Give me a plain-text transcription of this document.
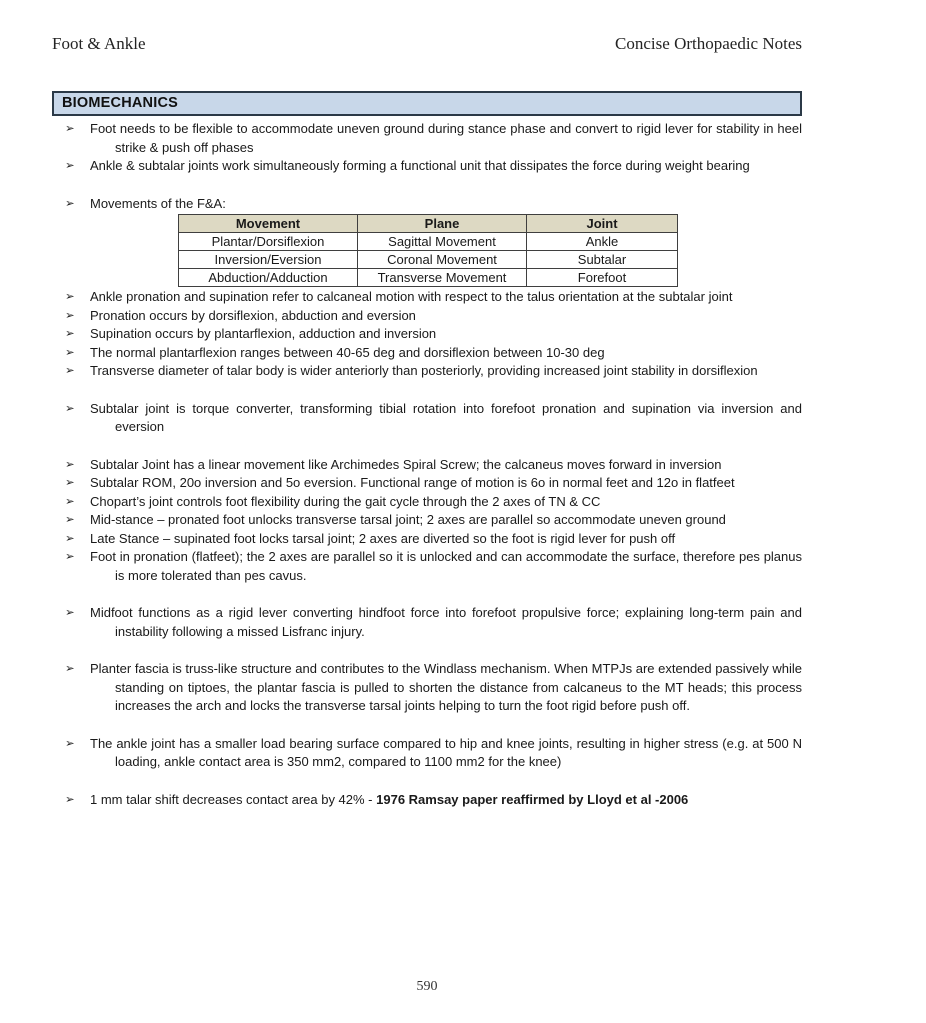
Foot & Ankle	Concise Orthopaedic Notes
BIOMECHANICS
➢ Foot needs to be flexible to accommodate uneven ground during stance phase and convert to rigid lever for stability in heel strike & push off phases
➢ Ankle & subtalar joints work simultaneously forming a functional unit that dissipates the force during weight bearing
➢ Movements of the F&A:
Movement	Plane	Joint
Plantar/Dorsiflexion	Sagittal Movement	Ankle
Inversion/Eversion	Coronal Movement	Subtalar
Abduction/Adduction	Transverse Movement	Forefoot
➢ Ankle pronation and supination refer to calcaneal motion with respect to the talus orientation at the subtalar joint
➢ Pronation occurs by dorsiflexion, abduction and eversion
➢ Supination occurs by plantarflexion, adduction and inversion
➢ The normal plantarflexion ranges between 40-65 deg and dorsiflexion between 10-30 deg
➢ Transverse diameter of talar body is wider anteriorly than posteriorly, providing increased joint stability in dorsiflexion
➢ Subtalar joint is torque converter, transforming tibial rotation into forefoot pronation and supination via inversion and eversion
➢ Subtalar Joint has a linear movement like Archimedes Spiral Screw; the calcaneus moves forward in inversion
➢ Subtalar ROM, 20o inversion and 5o eversion. Functional range of motion is 6o in normal feet and 12o in flatfeet
➢ Chopart’s joint controls foot flexibility during the gait cycle through the 2 axes of TN & CC
➢ Mid-stance – pronated foot unlocks transverse tarsal joint; 2 axes are parallel so accommodate uneven ground
➢ Late Stance – supinated foot locks tarsal joint; 2 axes are diverted so the foot is rigid lever for push off
➢ Foot in pronation (flatfeet); the 2 axes are parallel so it is unlocked and can accommodate the surface, therefore pes planus is more tolerated than pes cavus.
➢ Midfoot functions as a rigid lever converting hindfoot force into forefoot propulsive force; explaining long-term pain and instability following a missed Lisfranc injury.
➢ Planter fascia is truss-like structure and contributes to the Windlass mechanism. When MTPJs are extended passively while standing on tiptoes, the plantar fascia is pulled to shorten the distance from calcaneus to the MT heads; this process increases the arch and locks the transverse tarsal joints helping to turn the foot rigid before push off.
➢ The ankle joint has a smaller load bearing surface compared to hip and knee joints, resulting in higher stress (e.g. at 500 N loading, ankle contact area is 350 mm2, compared to 1100 mm2 for the knee)
➢ 1 mm talar shift decreases contact area by 42% - 1976 Ramsay paper reaffirmed by Lloyd et al -2006
590
